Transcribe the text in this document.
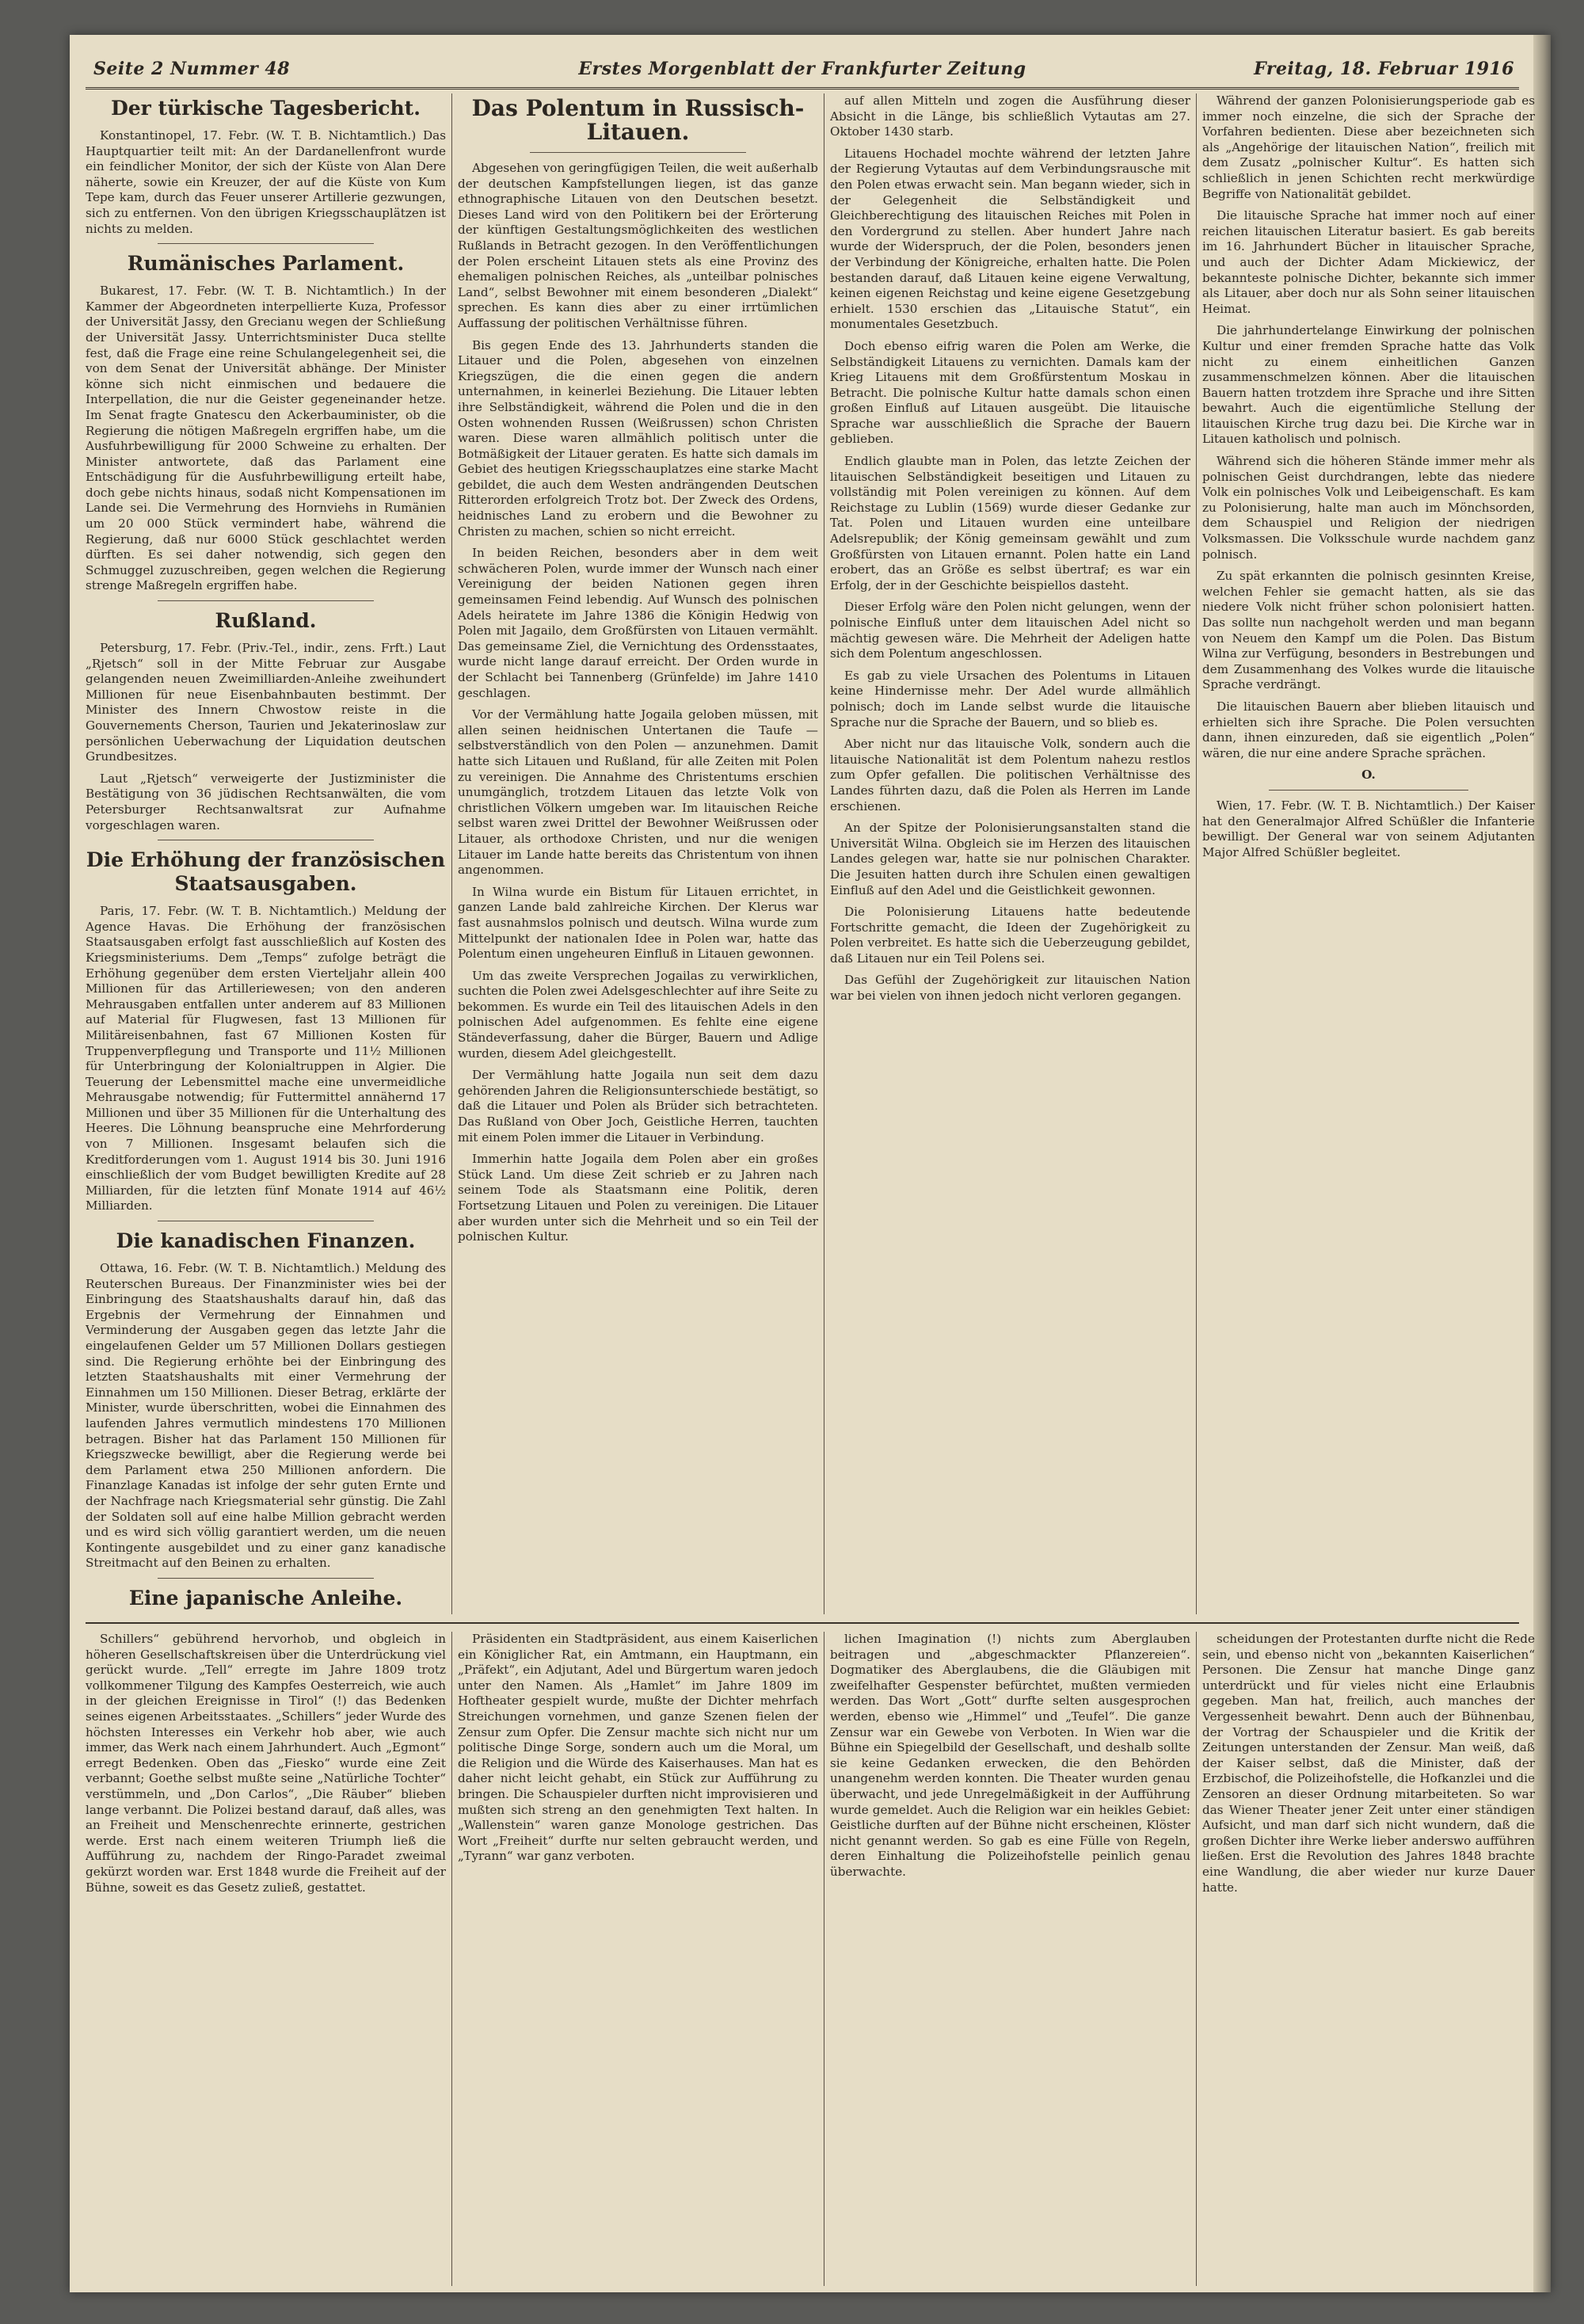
Seite 2 Nummer 48	Erstes Morgenblatt der Frankfurter Zeitung	Freitag, 18. Februar 1916
Der türkische Tagesbericht.

Konstantinopel, 17. Febr. (W. T. B. Nichtamtlich.) Das Hauptquartier teilt mit: An der Dardanellenfront wurde ein feindlicher Monitor, der sich der Küste von Alan Dere näherte, sowie ein Kreuzer, der auf die Küste von Kum Tepe kam, durch das Feuer unserer Artillerie gezwungen, sich zu entfernen. Von den übrigen Kriegsschauplätzen ist nichts zu melden.

Rumänisches Parlament.

Bukarest, 17. Febr. (W. T. B. Nichtamtlich.) In der Kammer der Abgeordneten interpellierte Kuza, Professor der Universität Jassy, den Grecianu wegen der Schließung der Universität Jassy. Unterrichtsminister Duca stellte fest, daß die Frage eine reine Schulangelegenheit sei, die von dem Senat der Universität abhänge. Der Minister könne sich nicht einmischen und bedauere die Interpellation, die nur die Geister gegeneinander hetze. Im Senat fragte Gnatescu den Ackerbauminister, ob die Regierung die nötigen Maßregeln ergriffen habe, um die Ausfuhrbewilligung für 2000 Schweine zu erhalten. Der Minister antwortete, daß das Parlament eine Entschädigung für die Ausfuhrbewilligung erteilt habe, doch gebe nichts hinaus, sodaß nicht Kompensationen im Lande sei. Die Vermehrung des Hornviehs in Rumänien um 20 000 Stück vermindert habe, während die Regierung, daß nur 6000 Stück geschlachtet werden dürften. Es sei daher notwendig, sich gegen den Schmuggel zuzuschreiben, gegen welchen die Regierung strenge Maßregeln ergriffen habe.

Rußland.

Petersburg, 17. Febr. (Priv.-Tel., indir., zens. Frft.) Laut „Rjetsch“ soll in der Mitte Februar zur Ausgabe gelangenden neuen Zweimilliarden-Anleihe zweihundert Millionen für neue Eisenbahnbauten bestimmt. Der Minister des Innern Chwostow reiste in die Gouvernements Cherson, Taurien und Jekaterinoslaw zur persönlichen Ueberwachung der Liquidation deutschen Grundbesitzes.

Laut „Rjetsch“ verweigerte der Justizminister die Bestätigung von 36 jüdischen Rechtsanwälten, die vom Petersburger Rechtsanwaltsrat zur Aufnahme vorgeschlagen waren.

Die Erhöhung der französischen Staatsausgaben.

Paris, 17. Febr. (W. T. B. Nichtamtlich.) Meldung der Agence Havas. Die Erhöhung der französischen Staatsausgaben erfolgt fast ausschließlich auf Kosten des Kriegsministeriums. Dem „Temps“ zufolge beträgt die Erhöhung gegenüber dem ersten Vierteljahr allein 400 Millionen für das Artilleriewesen; von den anderen Mehrausgaben entfallen unter anderem auf 83 Millionen auf Material für Flugwesen, fast 13 Millionen für Militäreisenbahnen, fast 67 Millionen Kosten für Truppenverpflegung und Transporte und 11½ Millionen für Unterbringung der Kolonialtruppen in Algier. Die Teuerung der Lebensmittel mache eine unvermeidliche Mehrausgabe notwendig; für Futtermittel annähernd 17 Millionen und über 35 Millionen für die Unterhaltung des Heeres. Die Löhnung beanspruche eine Mehrforderung von 7 Millionen. Insgesamt belaufen sich die Kreditforderungen vom 1. August 1914 bis 30. Juni 1916 einschließlich der vom Budget bewilligten Kredite auf 28 Milliarden, für die letzten fünf Monate 1914 auf 46½ Milliarden.

Die kanadischen Finanzen.

Ottawa, 16. Febr. (W. T. B. Nichtamtlich.) Meldung des Reuterschen Bureaus. Der Finanzminister wies bei der Einbringung des Staatshaushalts darauf hin, daß das Ergebnis der Vermehrung der Einnahmen und Verminderung der Ausgaben gegen das letzte Jahr die eingelaufenen Gelder um 57 Millionen Dollars gestiegen sind. Die Regierung erhöhte bei der Einbringung des letzten Staatshaushalts mit einer Vermehrung der Einnahmen um 150 Millionen. Dieser Betrag, erklärte der Minister, wurde überschritten, wobei die Einnahmen des laufenden Jahres vermutlich mindestens 170 Millionen betragen. Bisher hat das Parlament 150 Millionen für Kriegszwecke bewilligt, aber die Regierung werde bei dem Parlament etwa 250 Millionen anfordern. Die Finanzlage Kanadas ist infolge der sehr guten Ernte und der Nachfrage nach Kriegsmaterial sehr günstig. Die Zahl der Soldaten soll auf eine halbe Million gebracht werden und es wird sich völlig garantiert werden, um die neuen Kontingente ausgebildet und zu einer ganz kanadische Streitmacht auf den Beinen zu erhalten.

Eine japanische Anleihe.

Das Polentum in Russisch-Litauen.

Abgesehen von geringfügigen Teilen, die weit außerhalb der deutschen Kampfstellungen liegen, ist das ganze ethnographische Litauen von den Deutschen besetzt. Dieses Land wird von den Politikern bei der Erörterung der künftigen Gestaltungsmöglichkeiten des westlichen Rußlands in Betracht gezogen. In den Veröffentlichungen der Polen erscheint Litauen stets als eine Provinz des ehemaligen polnischen Reiches, als „unteilbar polnisches Land“, selbst Bewohner mit einem besonderen „Dialekt“ sprechen. Es kann dies aber zu einer irrtümlichen Auffassung der politischen Verhältnisse führen.

Bis gegen Ende des 13. Jahrhunderts standen die Litauer und die Polen, abgesehen von einzelnen Kriegszügen, die die einen gegen die andern unternahmen, in keinerlei Beziehung. Die Litauer lebten ihre Selbständigkeit, während die Polen und die in den Osten wohnenden Russen (Weißrussen) schon Christen waren. Diese waren allmählich politisch unter die Botmäßigkeit der Litauer geraten. Es hatte sich damals im Gebiet des heutigen Kriegsschauplatzes eine starke Macht gebildet, die auch dem Westen andrängenden Deutschen Ritterorden erfolgreich Trotz bot. Der Zweck des Ordens, heidnisches Land zu erobern und die Bewohner zu Christen zu machen, schien so nicht erreicht.

In beiden Reichen, besonders aber in dem weit schwächeren Polen, wurde immer der Wunsch nach einer Vereinigung der beiden Nationen gegen ihren gemeinsamen Feind lebendig. Auf Wunsch des polnischen Adels heiratete im Jahre 1386 die Königin Hedwig von Polen mit Jagailo, dem Großfürsten von Litauen vermählt. Das gemeinsame Ziel, die Vernichtung des Ordensstaates, wurde nicht lange darauf erreicht. Der Orden wurde in der Schlacht bei Tannenberg (Grünfelde) im Jahre 1410 geschlagen.

Vor der Vermählung hatte Jogaila geloben müssen, mit allen seinen heidnischen Untertanen die Taufe — selbstverständlich von den Polen — anzunehmen. Damit hatte sich Litauen und Rußland, für alle Zeiten mit Polen zu vereinigen. Die Annahme des Christentums erschien unumgänglich, trotzdem Litauen das letzte Volk von christlichen Völkern umgeben war. Im litauischen Reiche selbst waren zwei Drittel der Bewohner Weißrussen oder Litauer, als orthodoxe Christen, und nur die wenigen Litauer im Lande hatte bereits das Christentum von ihnen angenommen.

In Wilna wurde ein Bistum für Litauen errichtet, in ganzen Lande bald zahlreiche Kirchen. Der Klerus war fast ausnahmslos polnisch und deutsch. Wilna wurde zum Mittelpunkt der nationalen Idee in Polen war, hatte das Polentum einen ungeheuren Einfluß in Litauen gewonnen.

Um das zweite Versprechen Jogailas zu verwirklichen, suchten die Polen zwei Adelsgeschlechter auf ihre Seite zu bekommen. Es wurde ein Teil des litauischen Adels in den polnischen Adel aufgenommen. Es fehlte eine eigene Ständeverfassung, daher die Bürger, Bauern und Adlige wurden, diesem Adel gleichgestellt.

Der Vermählung hatte Jogaila nun seit dem dazu gehörenden Jahren die Religionsunterschiede bestätigt, so daß die Litauer und Polen als Brüder sich betrachteten. Das Rußland von Ober Joch, Geistliche Herren, tauchten mit einem Polen immer die Litauer in Verbindung.

Immerhin hatte Jogaila dem Polen aber ein großes Stück Land. Um diese Zeit schrieb er zu Jahren nach seinem Tode als Staatsmann eine Politik, deren Fortsetzung Litauen und Polen zu vereinigen. Die Litauer aber wurden unter sich die Mehrheit und so ein Teil der polnischen Kultur.

auf allen Mitteln und zogen die Ausführung dieser Absicht in die Länge, bis schließlich Vytautas am 27. Oktober 1430 starb.

Litauens Hochadel mochte während der letzten Jahre der Regierung Vytautas auf dem Verbindungsrausche mit den Polen etwas erwacht sein. Man begann wieder, sich in der Gelegenheit die Selbständigkeit und Gleichberechtigung des litauischen Reiches mit Polen in den Vordergrund zu stellen. Aber hundert Jahre nach wurde der Widerspruch, der die Polen, besonders jenen der Verbindung der Königreiche, erhalten hatte. Die Polen bestanden darauf, daß Litauen keine eigene Verwaltung, keinen eigenen Reichstag und keine eigene Gesetzgebung erhielt. 1530 erschien das „Litauische Statut“, ein monumentales Gesetzbuch.

Doch ebenso eifrig waren die Polen am Werke, die Selbständigkeit Litauens zu vernichten. Damals kam der Krieg Litauens mit dem Großfürstentum Moskau in Betracht. Die polnische Kultur hatte damals schon einen großen Einfluß auf Litauen ausgeübt. Die litauische Sprache war ausschließlich die Sprache der Bauern geblieben.

Endlich glaubte man in Polen, das letzte Zeichen der litauischen Selbständigkeit beseitigen und Litauen zu vollständig mit Polen vereinigen zu können. Auf dem Reichstage zu Lublin (1569) wurde dieser Gedanke zur Tat. Polen und Litauen wurden eine unteilbare Adelsrepublik; der König gemeinsam gewählt und zum Großfürsten von Litauen ernannt. Polen hatte ein Land erobert, das an Größe es selbst übertraf; es war ein Erfolg, der in der Geschichte beispiellos dasteht.

Dieser Erfolg wäre den Polen nicht gelungen, wenn der polnische Einfluß unter dem litauischen Adel nicht so mächtig gewesen wäre. Die Mehrheit der Adeligen hatte sich dem Polentum angeschlossen.

Es gab zu viele Ursachen des Polentums in Litauen keine Hindernisse mehr. Der Adel wurde allmählich polnisch; doch im Lande selbst wurde die litauische Sprache nur die Sprache der Bauern, und so blieb es.

Aber nicht nur das litauische Volk, sondern auch die litauische Nationalität ist dem Polentum nahezu restlos zum Opfer gefallen. Die politischen Verhältnisse des Landes führten dazu, daß die Polen als Herren im Lande erschienen.

An der Spitze der Polonisierungsanstalten stand die Universität Wilna. Obgleich sie im Herzen des litauischen Landes gelegen war, hatte sie nur polnischen Charakter. Die Jesuiten hatten durch ihre Schulen einen gewaltigen Einfluß auf den Adel und die Geistlichkeit gewonnen.

Die Polonisierung Litauens hatte bedeutende Fortschritte gemacht, die Ideen der Zugehörigkeit zu Polen verbreitet. Es hatte sich die Ueberzeugung gebildet, daß Litauen nur ein Teil Polens sei.

Das Gefühl der Zugehörigkeit zur litauischen Nation war bei vielen von ihnen jedoch nicht verloren gegangen.

Während der ganzen Polonisierungsperiode gab es immer noch einzelne, die sich der Sprache der Vorfahren bedienten. Diese aber bezeichneten sich als „Angehörige der litauischen Nation“, freilich mit dem Zusatz „polnischer Kultur“. Es hatten sich schließlich in jenen Schichten recht merkwürdige Begriffe von Nationalität gebildet.

Die litauische Sprache hat immer noch auf einer reichen litauischen Literatur basiert. Es gab bereits im 16. Jahrhundert Bücher in litauischer Sprache, und auch der Dichter Adam Mickiewicz, der bekannteste polnische Dichter, bekannte sich immer als Litauer, aber doch nur als Sohn seiner litauischen Heimat.

Die jahrhundertelange Einwirkung der polnischen Kultur und einer fremden Sprache hatte das Volk nicht zu einem einheitlichen Ganzen zusammenschmelzen können. Aber die litauischen Bauern hatten trotzdem ihre Sprache und ihre Sitten bewahrt. Auch die eigentümliche Stellung der litauischen Kirche trug dazu bei. Die Kirche war in Litauen katholisch und polnisch.

Während sich die höheren Stände immer mehr als polnischen Geist durchdrangen, lebte das niedere Volk ein polnisches Volk und Leibeigenschaft. Es kam zu Polonisierung, halte man auch im Mönchsorden, dem Schauspiel und Religion der niedrigen Volksmassen. Die Volksschule wurde nachdem ganz polnisch.

Zu spät erkannten die polnisch gesinnten Kreise, welchen Fehler sie gemacht hatten, als sie das niedere Volk nicht früher schon polonisiert hatten. Das sollte nun nachgeholt werden und man begann von Neuem den Kampf um die Polen. Das Bistum Wilna zur Verfügung, besonders in Bestrebungen und dem Zusammenhang des Volkes wurde die litauische Sprache verdrängt.

Die litauischen Bauern aber blieben litauisch und erhielten sich ihre Sprache. Die Polen versuchten dann, ihnen einzureden, daß sie eigentlich „Polen“ wären, die nur eine andere Sprache sprächen.

O.

Wien, 17. Febr. (W. T. B. Nichtamtlich.) Der Kaiser hat den Generalmajor Alfred Schüßler die Infanterie bewilligt. Der General war von seinem Adjutanten Major Alfred Schüßler begleitet.

Schillers“ gebührend hervorhob, und obgleich in höheren Gesellschaftskreisen über die Unterdrückung viel gerückt wurde. „Tell“ erregte im Jahre 1809 trotz vollkommener Tilgung des Kampfes Oesterreich, wie auch in der gleichen Ereignisse in Tirol“ (!) das Bedenken seines eigenen Arbeitsstaates. „Schillers“ jeder Wurde des höchsten Interesses ein Verkehr hob aber, wie auch immer, das Werk nach einem Jahrhundert. Auch „Egmont“ erregt Bedenken. Oben das „Fiesko“ wurde eine Zeit verbannt; Goethe selbst mußte seine „Natürliche Tochter“ verstümmeln, und „Don Carlos“, „Die Räuber“ blieben lange verbannt. Die Polizei bestand darauf, daß alles, was an Freiheit und Menschenrechte erinnerte, gestrichen werde. Erst nach einem weiteren Triumph ließ die Aufführung zu, nachdem der Ringo-Paradet zweimal gekürzt worden war. Erst 1848 wurde die Freiheit auf der Bühne, soweit es das Gesetz zuließ, gestattet.

Präsidenten ein Stadtpräsident, aus einem Kaiserlichen ein Königlicher Rat, ein Amtmann, ein Hauptmann, ein „Präfekt“, ein Adjutant, Adel und Bürgertum waren jedoch unter den Namen. Als „Hamlet“ im Jahre 1809 im Hoftheater gespielt wurde, mußte der Dichter mehrfach Streichungen vornehmen, und ganze Szenen fielen der Zensur zum Opfer. Die Zensur machte sich nicht nur um politische Dinge Sorge, sondern auch um die Moral, um die Religion und die Würde des Kaiserhauses. Man hat es daher nicht leicht gehabt, ein Stück zur Aufführung zu bringen. Die Schauspieler durften nicht improvisieren und mußten sich streng an den genehmigten Text halten. In „Wallenstein“ waren ganze Monologe gestrichen. Das Wort „Freiheit“ durfte nur selten gebraucht werden, und „Tyrann“ war ganz verboten.

lichen Imagination (!) nichts zum Aberglauben beitragen und „abgeschmackter Pflanzereien“. Dogmatiker des Aberglaubens, die die Gläubigen mit zweifelhafter Gespenster befürchtet, mußten vermieden werden. Das Wort „Gott“ durfte selten ausgesprochen werden, ebenso wie „Himmel“ und „Teufel“. Die ganze Zensur war ein Gewebe von Verboten. In Wien war die Bühne ein Spiegelbild der Gesellschaft, und deshalb sollte sie keine Gedanken erwecken, die den Behörden unangenehm werden konnten. Die Theater wurden genau überwacht, und jede Unregelmäßigkeit in der Aufführung wurde gemeldet. Auch die Religion war ein heikles Gebiet: Geistliche durften auf der Bühne nicht erscheinen, Klöster nicht genannt werden. So gab es eine Fülle von Regeln, deren Einhaltung die Polizeihofstelle peinlich genau überwachte.

scheidungen der Protestanten durfte nicht die Rede sein, und ebenso nicht von „bekannten Kaiserlichen“ Personen. Die Zensur hat manche Dinge ganz unterdrückt und für vieles nicht eine Erlaubnis gegeben. Man hat, freilich, auch manches der Vergessenheit bewahrt. Denn auch der Bühnenbau, der Vortrag der Schauspieler und die Kritik der Zeitungen unterstanden der Zensur. Man weiß, daß der Kaiser selbst, daß die Minister, daß der Erzbischof, die Polizeihofstelle, die Hofkanzlei und die Zensoren an dieser Ordnung mitarbeiteten. So war das Wiener Theater jener Zeit unter einer ständigen Aufsicht, und man darf sich nicht wundern, daß die großen Dichter ihre Werke lieber anderswo aufführen ließen. Erst die Revolution des Jahres 1848 brachte eine Wandlung, die aber wieder nur kurze Dauer hatte.
